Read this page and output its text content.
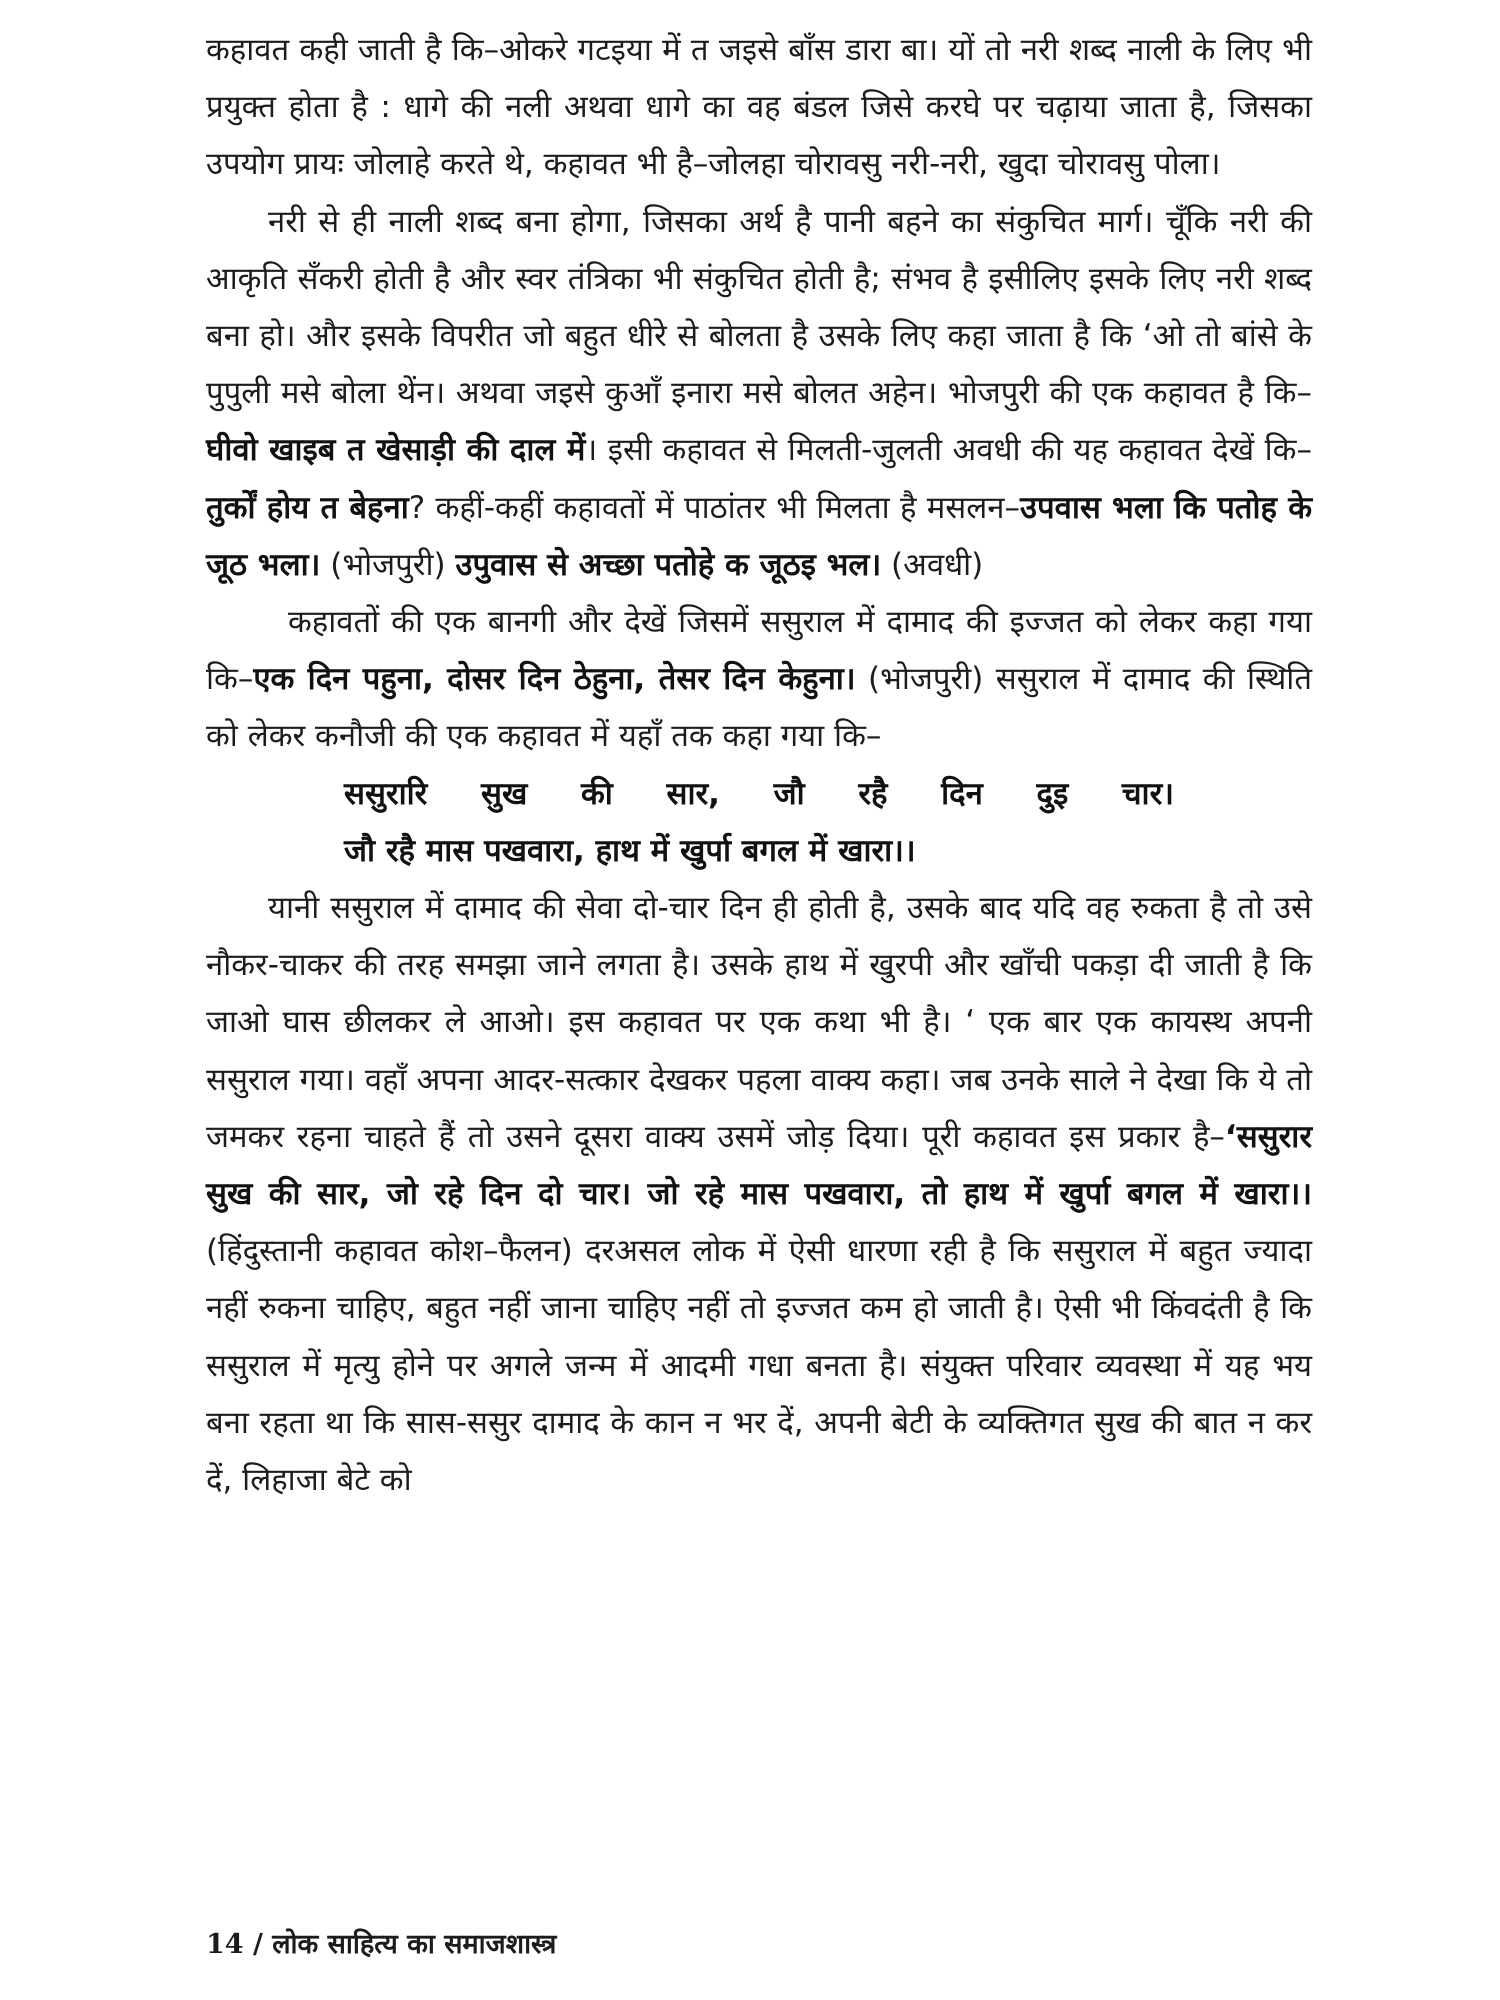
कहावत कही जाती है कि–ओकरे गटइया में त जइसे बाँस डारा बा। यों तो नरी शब्द नाली के लिए भी प्रयुक्त होता है : धागे की नली अथवा धागे का वह बंडल जिसे करघे पर चढ़ाया जाता है, जिसका उपयोग प्रायः जोलाहे करते थे, कहावत भी है–जोलहा चोरावसु नरी-नरी, खुदा चोरावसु पोला।

नरी से ही नाली शब्द बना होगा, जिसका अर्थ है पानी बहने का संकुचित मार्ग। चूँकि नरी की आकृति सँकरी होती है और स्वर तंत्रिका भी संकुचित होती है; संभव है इसीलिए इसके लिए नरी शब्द बना हो। और इसके विपरीत जो बहुत धीरे से बोलता है उसके लिए कहा जाता है कि ‘ओ तो बांसे के पुपुली मसे बोला थेंन। अथवा जइसे कुआँ इनारा मसे बोलत अहेन। भोजपुरी की एक कहावत है कि–घीवो खाइब त खेसाड़ी की दाल में। इसी कहावत से मिलती-जुलती अवधी की यह कहावत देखें कि–तुर्कों होय त बेहना? कहीं-कहीं कहावतों में पाठांतर भी मिलता है मसलन–उपवास भला कि पतोह के जूठ भला। (भोजपुरी) उपुवास से अच्छा पतोहे क जूठइ भल। (अवधी)

कहावतों की एक बानगी और देखें जिसमें ससुराल में दामाद की इज्जत को लेकर कहा गया कि–एक दिन पहुना, दोसर दिन ठेहुना, तेसर दिन केहुना। (भोजपुरी) ससुराल में दामाद की स्थिति को लेकर कनौजी की एक कहावत में यहाँ तक कहा गया कि–

ससुरारि सुख की सार, जौ रहै दिन दुइ चार।

जौ रहै मास पखवारा, हाथ में खुर्पा बगल में खारा।।

यानी ससुराल में दामाद की सेवा दो-चार दिन ही होती है, उसके बाद यदि वह रुकता है तो उसे नौकर-चाकर की तरह समझा जाने लगता है। उसके हाथ में खुरपी और खाँची पकड़ा दी जाती है कि जाओ घास छीलकर ले आओ। इस कहावत पर एक कथा भी है। ‘ एक बार एक कायस्थ अपनी ससुराल गया। वहाँ अपना आदर-सत्कार देखकर पहला वाक्य कहा। जब उनके साले ने देखा कि ये तो जमकर रहना चाहते हैं तो उसने दूसरा वाक्य उसमें जोड़ दिया। पूरी कहावत इस प्रकार है–‘ससुरार सुख की सार, जो रहे दिन दो चार। जो रहे मास पखवारा, तो हाथ में खुर्पा बगल में खारा।। (हिंदुस्तानी कहावत कोश–फैलन) दरअसल लोक में ऐसी धारणा रही है कि ससुराल में बहुत ज्यादा नहीं रुकना चाहिए, बहुत नहीं जाना चाहिए नहीं तो इज्जत कम हो जाती है। ऐसी भी किंवदंती है कि ससुराल में मृत्यु होने पर अगले जन्म में आदमी गधा बनता है। संयुक्त परिवार व्यवस्था में यह भय बना रहता था कि सास-ससुर दामाद के कान न भर दें, अपनी बेटी के व्यक्तिगत सुख की बात न कर दें, लिहाजा बेटे को

14 / लोक साहित्य का समाजशास्त्र
